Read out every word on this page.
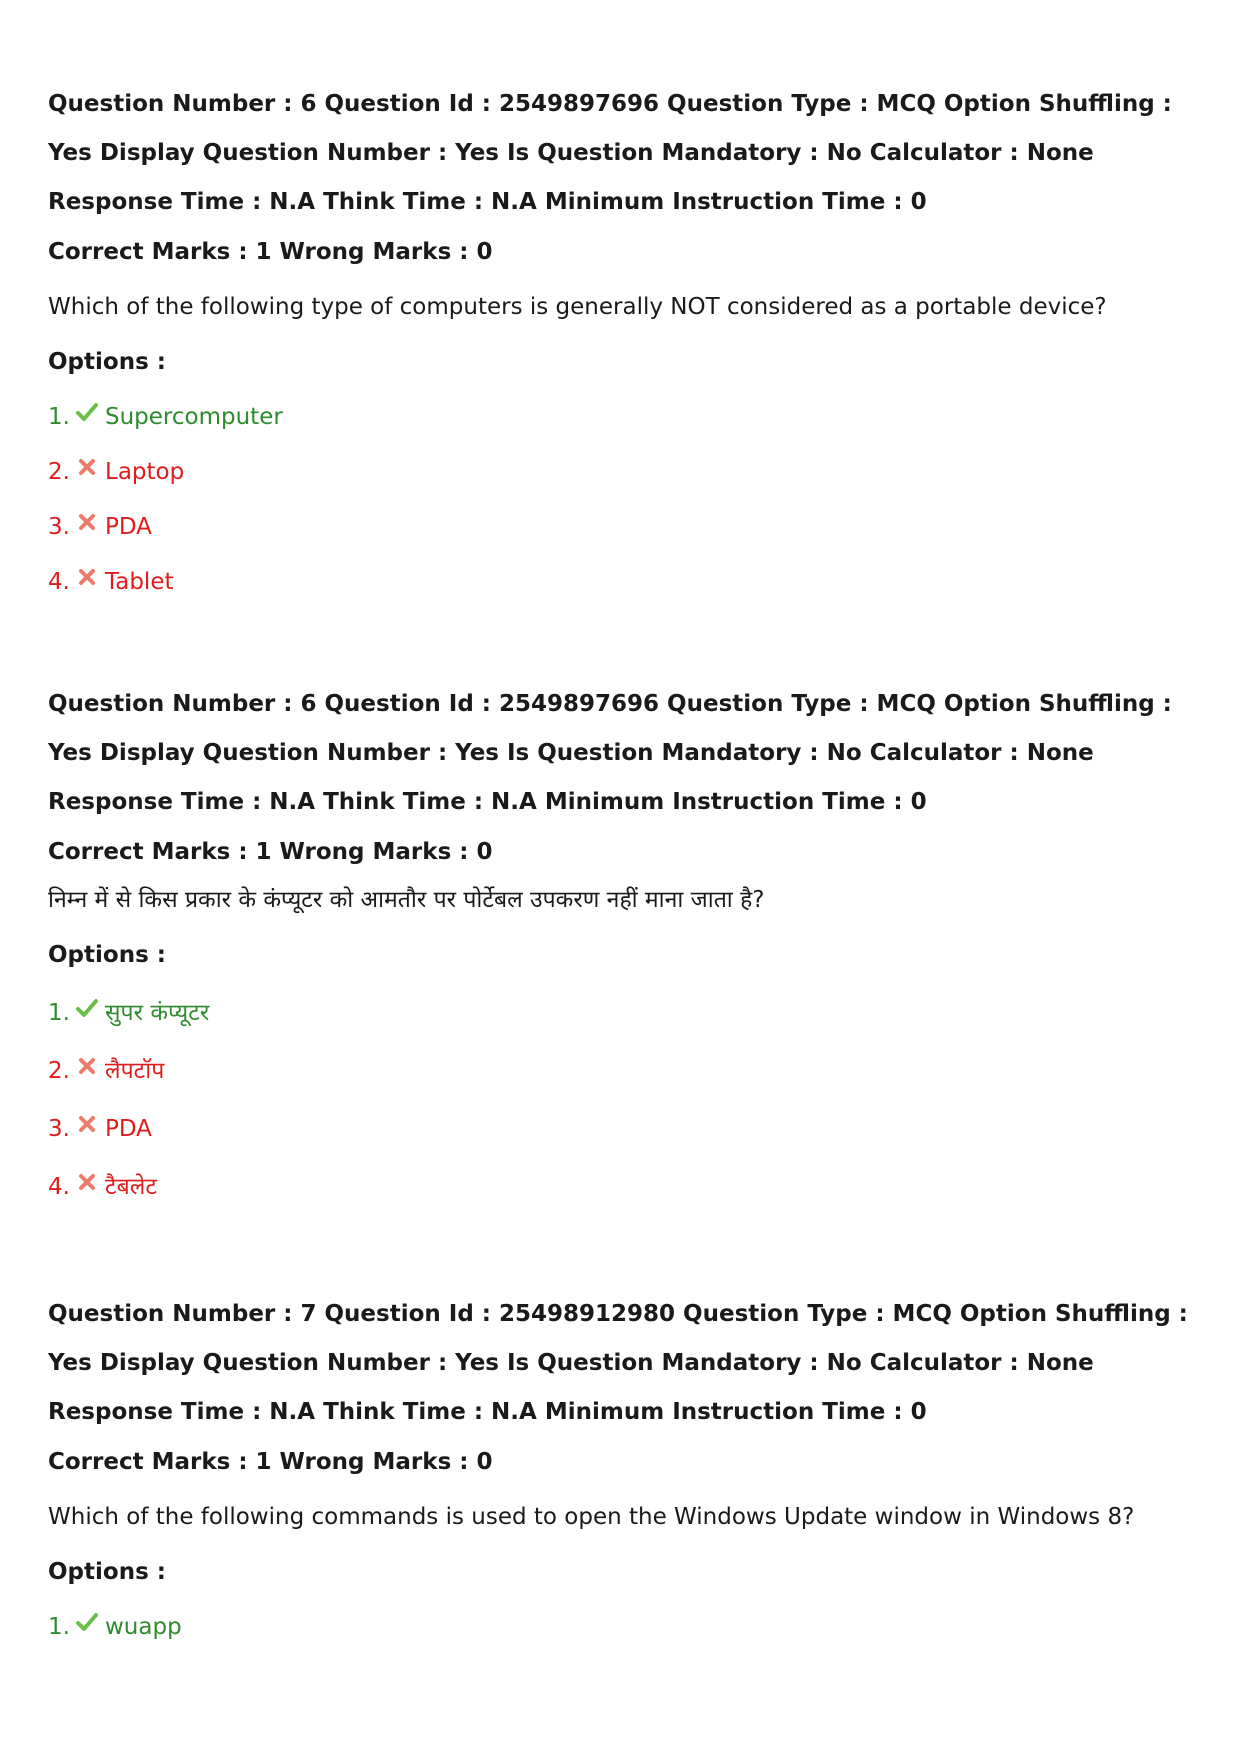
Question Number : 6 Question Id : 2549897696 Question Type : MCQ Option Shuffling : Yes Display Question Number : Yes Is Question Mandatory : No Calculator : None Response Time : N.A Think Time : N.A Minimum Instruction Time : 0

Correct Marks : 1 Wrong Marks : 0

Which of the following type of computers is generally NOT considered as a portable device?

Options :

1. Supercomputer
2. Laptop
3. PDA
4. Tablet

Question Number : 6 Question Id : 2549897696 Question Type : MCQ Option Shuffling : Yes Display Question Number : Yes Is Question Mandatory : No Calculator : None Response Time : N.A Think Time : N.A Minimum Instruction Time : 0

Correct Marks : 1 Wrong Marks : 0

निम्न में से किस प्रकार के कंप्यूटर को आमतौर पर पोर्टेबल उपकरण नहीं माना जाता है?

Options :

1. सुपर कंप्यूटर
2. लैपटॉप
3. PDA
4. टैबलेट

Question Number : 7 Question Id : 25498912980 Question Type : MCQ Option Shuffling : Yes Display Question Number : Yes Is Question Mandatory : No Calculator : None Response Time : N.A Think Time : N.A Minimum Instruction Time : 0

Correct Marks : 1 Wrong Marks : 0

Which of the following commands is used to open the Windows Update window in Windows 8?

Options :

1. wuapp
